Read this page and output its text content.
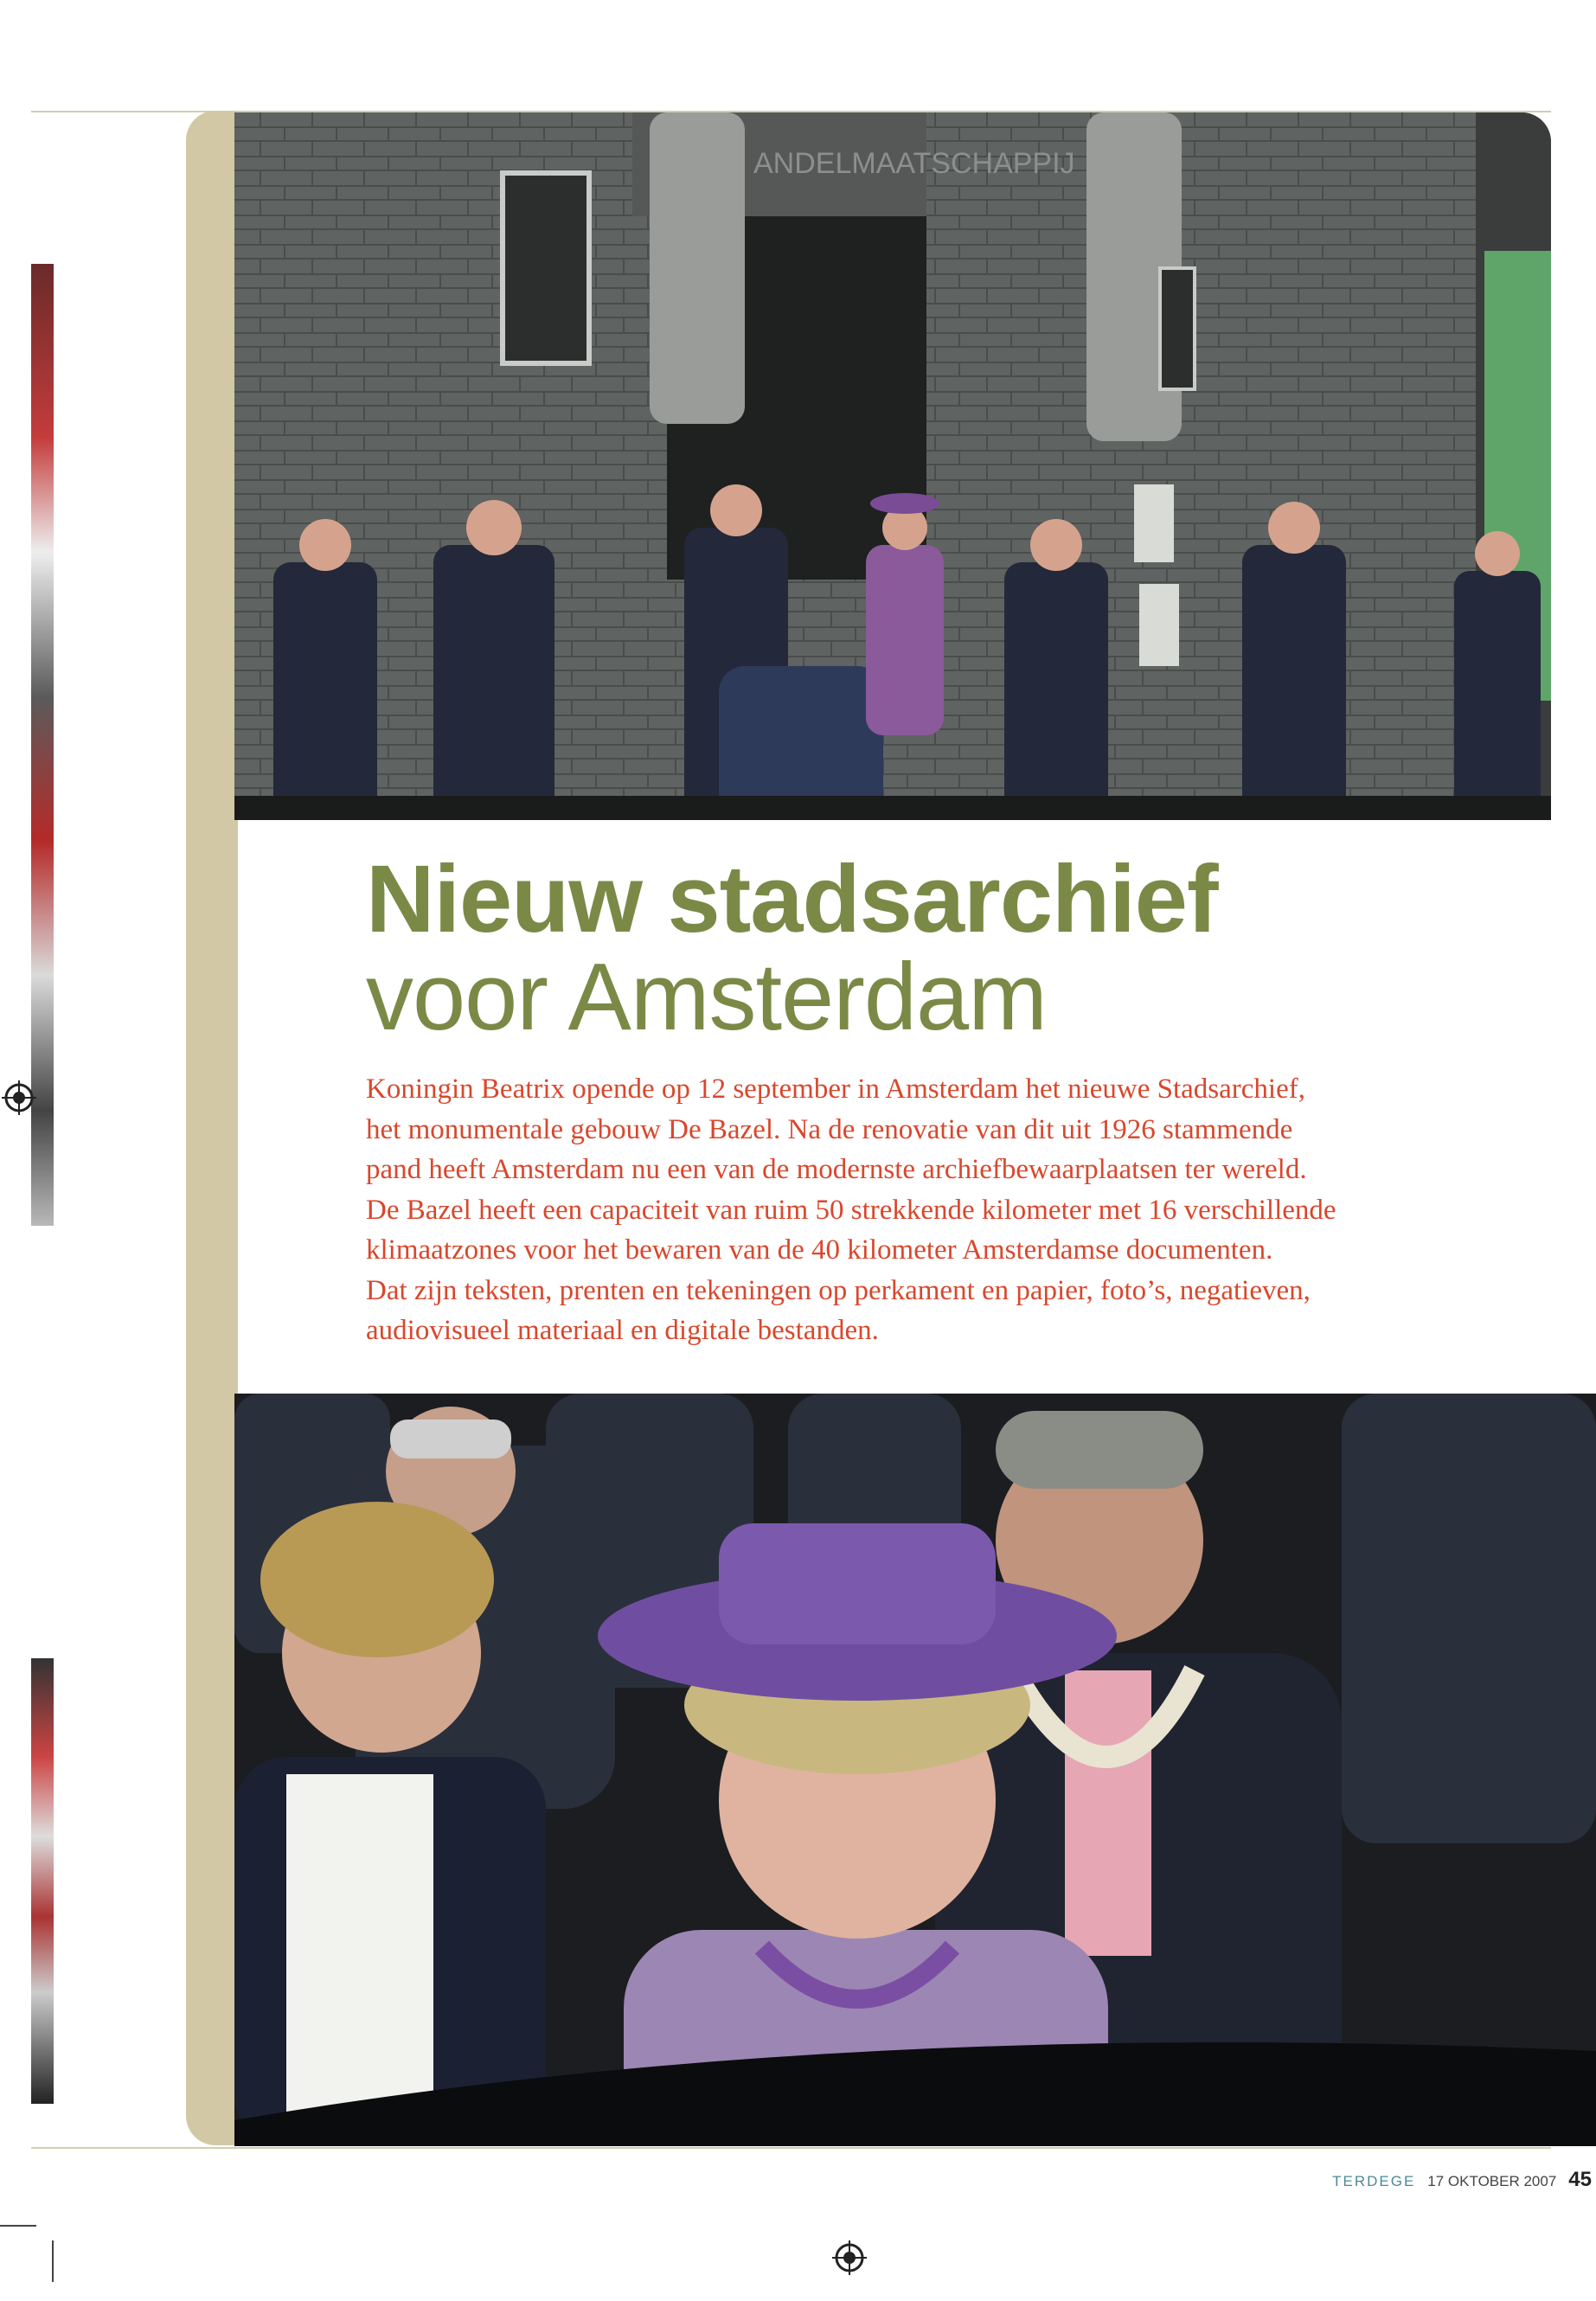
ANDELMAATSCHAPPIJ
Nieuw stadsarchief
voor Amsterdam
Koningin Beatrix opende op 12 september in Amsterdam het nieuwe Stadsarchief,
het monumentale gebouw De Bazel. Na de renovatie van dit uit 1926 stammende
pand heeft Amsterdam nu een van de modernste archiefbewaarplaatsen ter wereld.
De Bazel heeft een capaciteit van ruim 50 strekkende kilometer met 16 verschillende
klimaatzones voor het bewaren van de 40 kilometer Amsterdamse documenten.
Dat zijn teksten, prenten en tekeningen op perkament en papier, foto’s, negatieven,
audiovisueel materiaal en digitale bestanden.
TERDEGE 17 OKTOBER 2007 45
